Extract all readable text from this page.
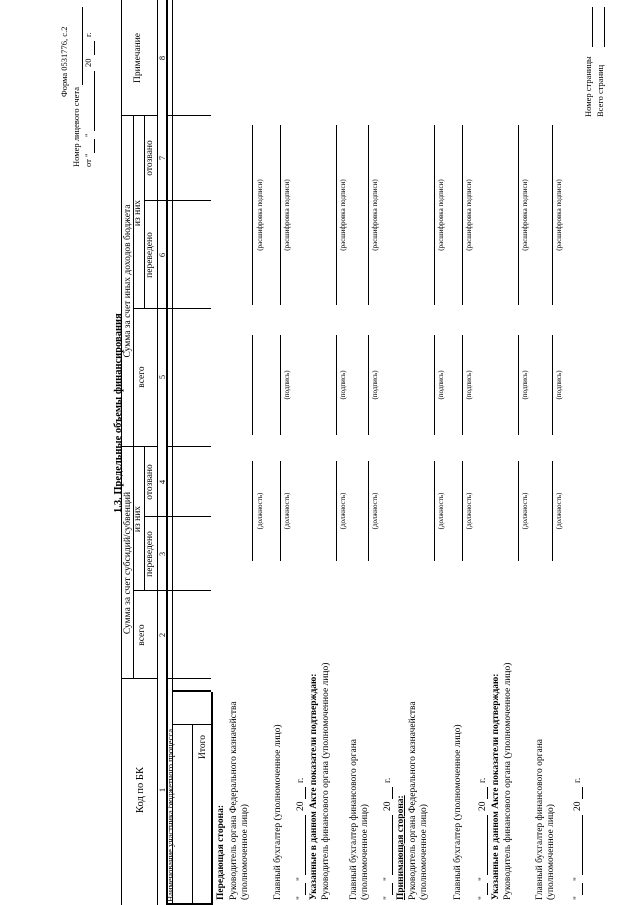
Форма 0531776, с.2
Номер лицевого счета от "
"
20
г.
1.3. Предельные объемы финансирования
Код по БК
Сумма за счет субсидий/субвенций
Сумма за счет иных доходов бюджета
всего
из них
переведено
отозвано
всего
из них
переведено
отозвано
Примечание
1
2
3
4
5
6
7
8
Наименование участника бюджетного процесса Итого
Передающая сторона: Руководитель органа Федерального казначейства (уполномоченное лицо) Главный бухгалтер (уполномоченное лицо)
(должность)
(расшифровка подписи)
(должность)
(подпись)
(расшифровка подписи)
"
"
20
г. Указанные в данном Акте показатели подтверждаю: Руководитель финансового органа (уполномоченное лицо)
(должность)
(подпись)
(расшифровка подписи)
Главный бухгалтер финансового органа (уполномоченное лицо)
(должность)
(подпись)
(расшифровка подписи)
"
"
20
г.
Принимающая сторона: Руководитель органа Федерального казначейства (уполномоченное лицо)
(должность)
(подпись)
(расшифровка подписи)
Главный бухгалтер (уполномоченное лицо)
(должность)
(подпись)
(расшифровка подписи)
"
"
20
г. Указанные в данном Акте показатели подтверждаю: Руководитель финансового органа (уполномоченное лицо)
(должность)
(подпись)
(расшифровка подписи)
Главный бухгалтер финансового органа (уполномоченное лицо)
(должность)
(подпись)
(расшифровка подписи)
"
"
20
г.
Номер страницы Всего страниц
